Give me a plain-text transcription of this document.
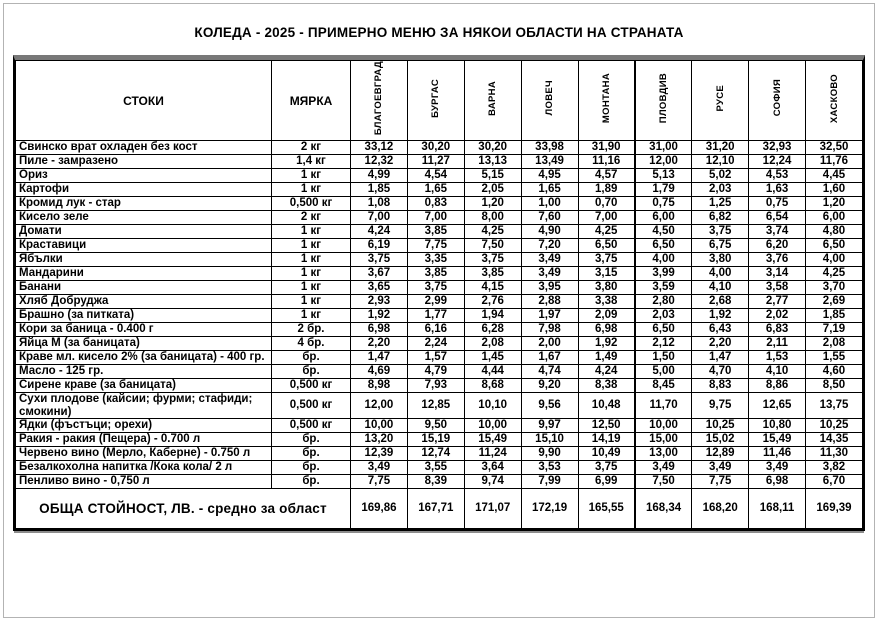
КОЛЕДА - 2025 - ПРИМЕРНО МЕНЮ ЗА НЯКОИ ОБЛАСТИ НА СТРАНАТА
СТОКИ	МЯРКА	БЛАГОЕВГРАД	БУРГАС	ВАРНА	ЛОВЕЧ	МОНТАНА	ПЛОВДИВ	РУСЕ	СОФИЯ	ХАСКОВО
Свинско врат охладен без кост	2 кг	33,12	30,20	30,20	33,98	31,90	31,00	31,20	32,93	32,50
Пиле - замразено	1,4 кг	12,32	11,27	13,13	13,49	11,16	12,00	12,10	12,24	11,76
Ориз	1 кг	4,99	4,54	5,15	4,95	4,57	5,13	5,02	4,53	4,45
Картофи	1 кг	1,85	1,65	2,05	1,65	1,89	1,79	2,03	1,63	1,60
Кромид лук - стар	0,500 кг	1,08	0,83	1,20	1,00	0,70	0,75	1,25	0,75	1,20
Кисело зеле	2 кг	7,00	7,00	8,00	7,60	7,00	6,00	6,82	6,54	6,00
Домати	1 кг	4,24	3,85	4,25	4,90	4,25	4,50	3,75	3,74	4,80
Краставици	1 кг	6,19	7,75	7,50	7,20	6,50	6,50	6,75	6,20	6,50
Ябълки	1 кг	3,75	3,35	3,75	3,49	3,75	4,00	3,80	3,76	4,00
Мандарини	1 кг	3,67	3,85	3,85	3,49	3,15	3,99	4,00	3,14	4,25
Банани	1 кг	3,65	3,75	4,15	3,95	3,80	3,59	4,10	3,58	3,70
Хляб Добруджа	1 кг	2,93	2,99	2,76	2,88	3,38	2,80	2,68	2,77	2,69
Брашно (за питката)	1 кг	1,92	1,77	1,94	1,97	2,09	2,03	1,92	2,02	1,85
Кори за баница - 0.400 г	2 бр.	6,98	6,16	6,28	7,98	6,98	6,50	6,43	6,83	7,19
Яйца М (за баницата)	4 бр.	2,20	2,24	2,08	2,00	1,92	2,12	2,20	2,11	2,08
Краве мл. кисело 2% (за баницата) - 400 гр.	бр.	1,47	1,57	1,45	1,67	1,49	1,50	1,47	1,53	1,55
Масло - 125 гр.	бр.	4,69	4,79	4,44	4,74	4,24	5,00	4,70	4,10	4,60
Сирене краве (за баницата)	0,500 кг	8,98	7,93	8,68	9,20	8,38	8,45	8,83	8,86	8,50
Сухи плодове (кайсии; фурми; стафиди; смокини)	0,500 кг	12,00	12,85	10,10	9,56	10,48	11,70	9,75	12,65	13,75
Ядки (фъстъци; орехи)	0,500 кг	10,00	9,50	10,00	9,97	12,50	10,00	10,25	10,80	10,25
Ракия - ракия (Пещера) - 0.700 л	бр.	13,20	15,19	15,49	15,10	14,19	15,00	15,02	15,49	14,35
Червено вино (Мерло, Каберне) - 0.750 л	бр.	12,39	12,74	11,24	9,90	10,49	13,00	12,89	11,46	11,30
Безалкохолна напитка /Кока кола/ 2 л	бр.	3,49	3,55	3,64	3,53	3,75	3,49	3,49	3,49	3,82
Пенливо вино - 0,750 л	бр.	7,75	8,39	9,74	7,99	6,99	7,50	7,75	6,98	6,70
ОБЩА СТОЙНОСТ, ЛВ. - средно за област		169,86	167,71	171,07	172,19	165,55	168,34	168,20	168,11	169,39
